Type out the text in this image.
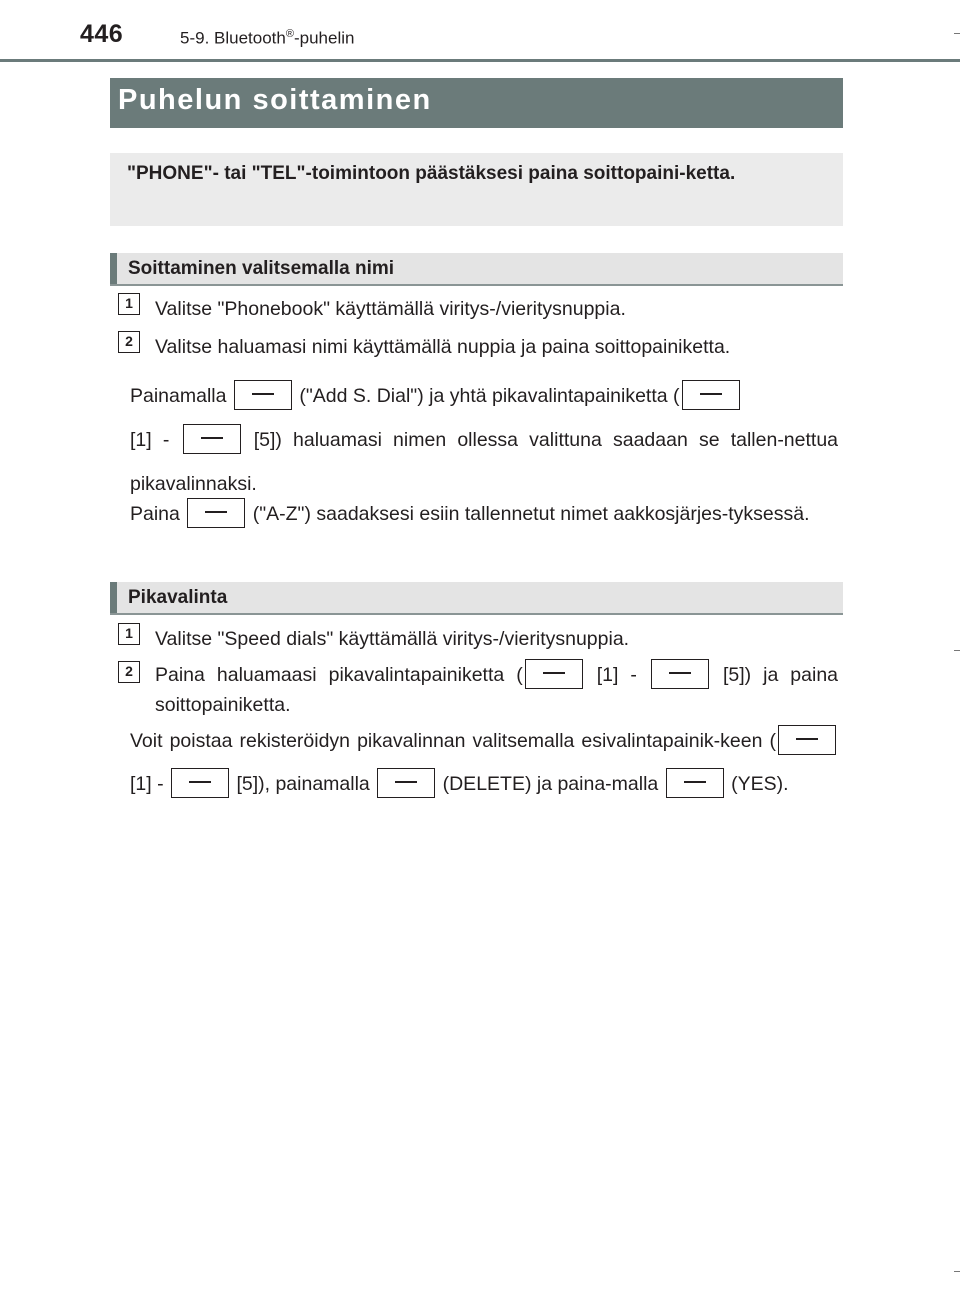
446	5-9. Bluetooth®-puhelin
Puhelun soittaminen
"PHONE"- tai "TEL"-toimintoon päästäksesi paina soittopaini-ketta.
Soittaminen valitsemalla nimi
1	Valitse "Phonebook" käyttämällä viritys-/vieritysnuppia.
2	Valitse haluamasi nimi käyttämällä nuppia ja paina soittopainiketta.
Painamalla	("Add S. Dial") ja yhtä pikavalintapainiketta (
[1] -	[5]) haluamasi nimen ollessa valittuna saadaan se tallen-nettua pikavalinnaksi.
Paina	("A-Z") saadaksesi esiin tallennetut nimet aakkosjärjes-tyksessä.
Pikavalinta
1	Valitse "Speed dials" käyttämällä viritys-/vieritysnuppia.
2	Paina haluamaasi pikavalintapainiketta (	[1] -	[5]) ja paina soittopainiketta.
Voit poistaa rekisteröidyn pikavalinnan valitsemalla esivalintapainik-keen ( [1] -	[5]), painamalla	(DELETE) ja paina-malla	(YES).
